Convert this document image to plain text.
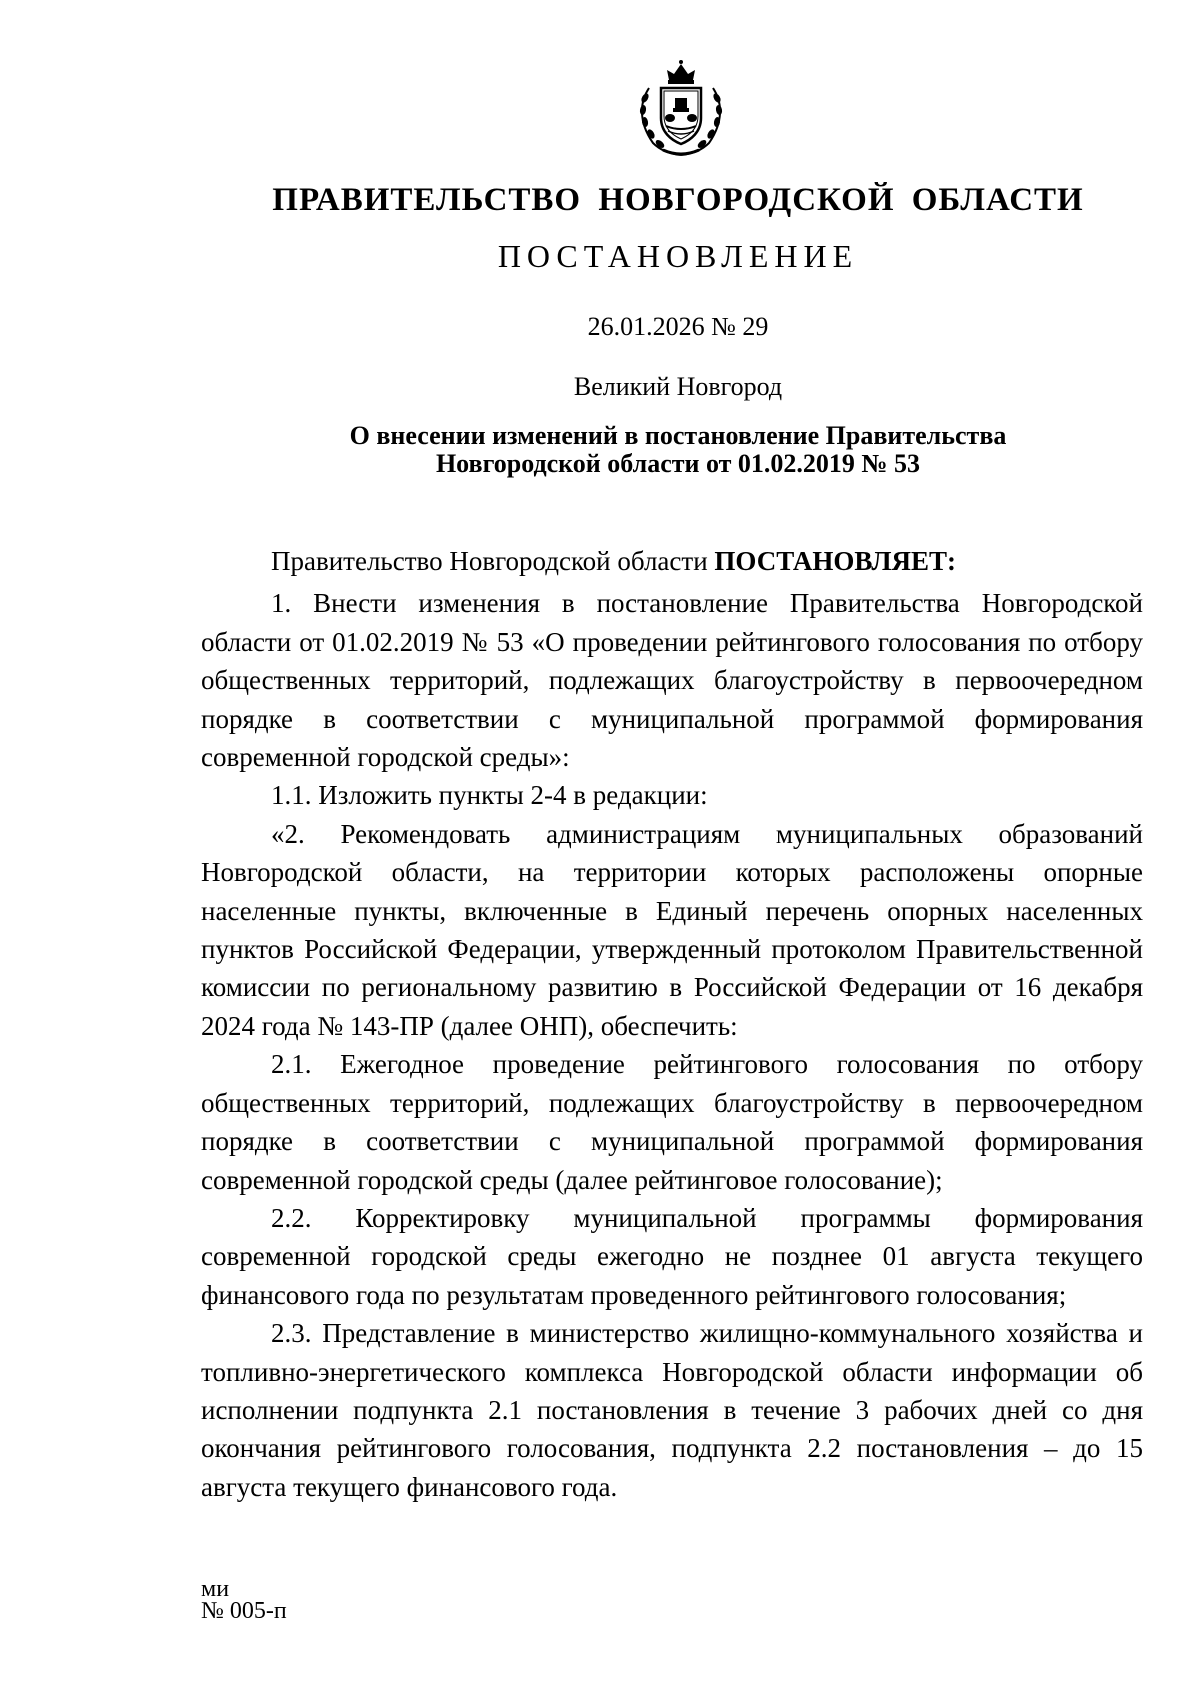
ПРАВИТЕЛЬСТВО НОВГОРОДСКОЙ ОБЛАСТИ
ПОСТАНОВЛЕНИЕ
26.01.2026 № 29
Великий Новгород
О внесении изменений в постановление Правительства
Новгородской области от 01.02.2019 № 53

Правительство Новгородской области ПОСТАНОВЛЯЕТ:

1. Внести изменения в постановление Правительства Новгородской области от 01.02.2019 № 53 «О проведении рейтингового голосования по отбору общественных территорий, подлежащих благоустройству в первоочередном порядке в соответствии с муниципальной программой формирования современной городской среды»:

1.1. Изложить пункты 2-4 в редакции:

«2. Рекомендовать администрациям муниципальных образований Новгородской области, на территории которых расположены опорные населенные пункты, включенные в Единый перечень опорных населенных пунктов Российской Федерации, утвержденный протоколом Правительственной комиссии по региональному развитию в Российской Федерации от 16 декабря 2024 года № 143-ПР (далее ОНП), обеспечить:

2.1. Ежегодное проведение рейтингового голосования по отбору общественных территорий, подлежащих благоустройству в первоочередном порядке в соответствии с муниципальной программой формирования современной городской среды (далее рейтинговое голосование);

2.2. Корректировку муниципальной программы формирования современной городской среды ежегодно не позднее 01 августа текущего финансового года по результатам проведенного рейтингового голосования;

2.3. Представление в министерство жилищно-коммунального хозяйства и топливно-энергетического комплекса Новгородской области информации об исполнении подпункта 2.1 постановления в течение 3 рабочих дней со дня окончания рейтингового голосования, подпункта 2.2 постановления – до 15 августа текущего финансового года.

ми
№ 005-п
